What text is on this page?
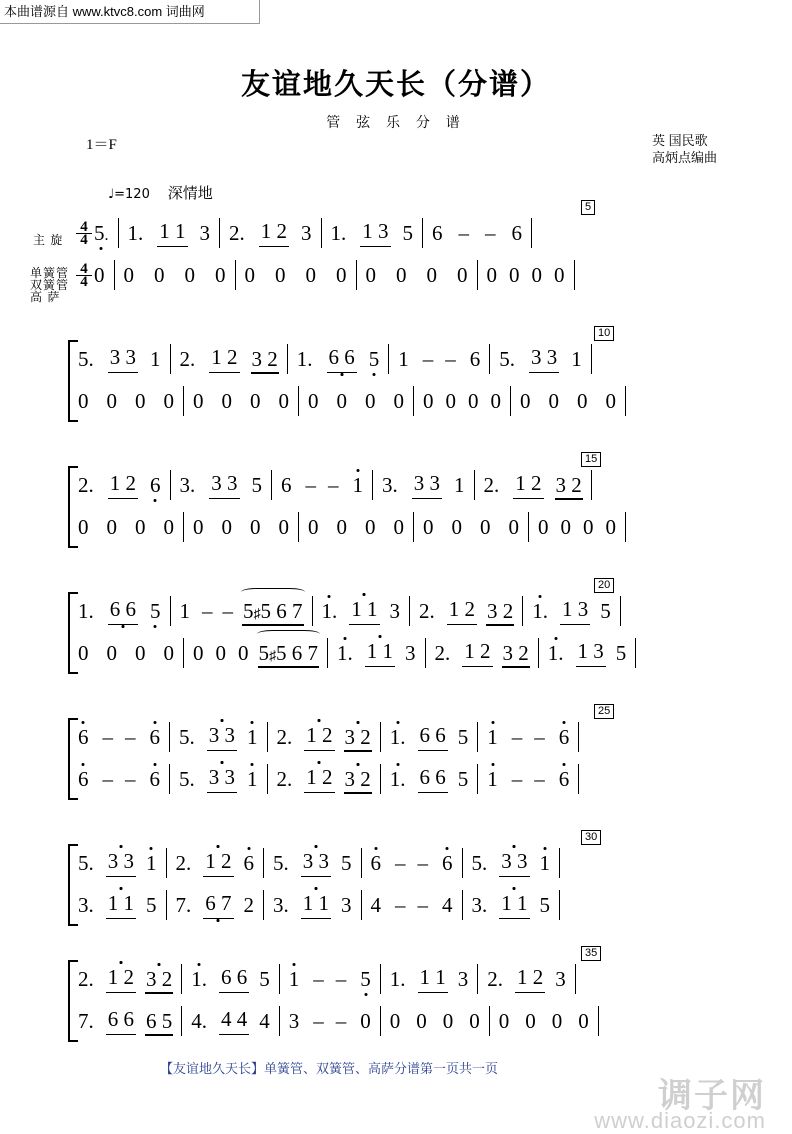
本曲谱源自 www.ktvc8.com 词曲网
友谊地久天长（分谱）
管 弦 乐 分 谱
1＝F	英 国民歌
高炳点编曲
♩=120 深情地
主 旋
单簧管
双簧管
高 萨
5
4
4 5. 1. 1 1 3 2. 1 2 3 1. 1 3 5 6 – – 6
4
4 0 0 0 0 0 0 0 0 0 0 0 0 0 0 0 0 0
10
5. 3 3 1 2. 1 2 3 2 1. 6 6 5 1 – – 6 5. 3 3 1
0 0 0 0 0 0 0 0 0 0 0 0 0 0 0 0 0 0 0 0
15
2. 1 2 6 3. 3 3 5 6 – – 1 3. 3 3 1 2. 1 2 3 2
0 0 0 0 0 0 0 0 0 0 0 0 0 0 0 0 0 0 0 0
20
1. 6 6 5 1 – – 5♯5 6 7 1. 1 1 3 2. 1 2 3 2 1. 1 3 5
0 0 0 0 0 0 0 5♯5 6 7 1. 1 1 3 2. 1 2 3 2 1. 1 3 5
25
6 – – 6 5. 3 3 1 2. 1 2 3 2 1. 6 6 5 1 – – 6
6 – – 6 5. 3 3 1 2. 1 2 3 2 1. 6 6 5 1 – – 6
30
5. 3 3 1 2. 1 2 6 5. 3 3 5 6 – – 6 5. 3 3 1
3. 1 1 5 7. 6 7 2 3. 1 1 3 4 – – 4 3. 1 1 5
35
2. 1 2 3 2 1. 6 6 5 1 – – 5 1. 1 1 3 2. 1 2 3
7. 6 6 6 5 4. 4 4 4 3 – – 0 0 0 0 0 0 0 0 0
【友谊地久天长】单簧管、双簧管、高萨分谱第一页共一页
调子网
www.diaozi.com
